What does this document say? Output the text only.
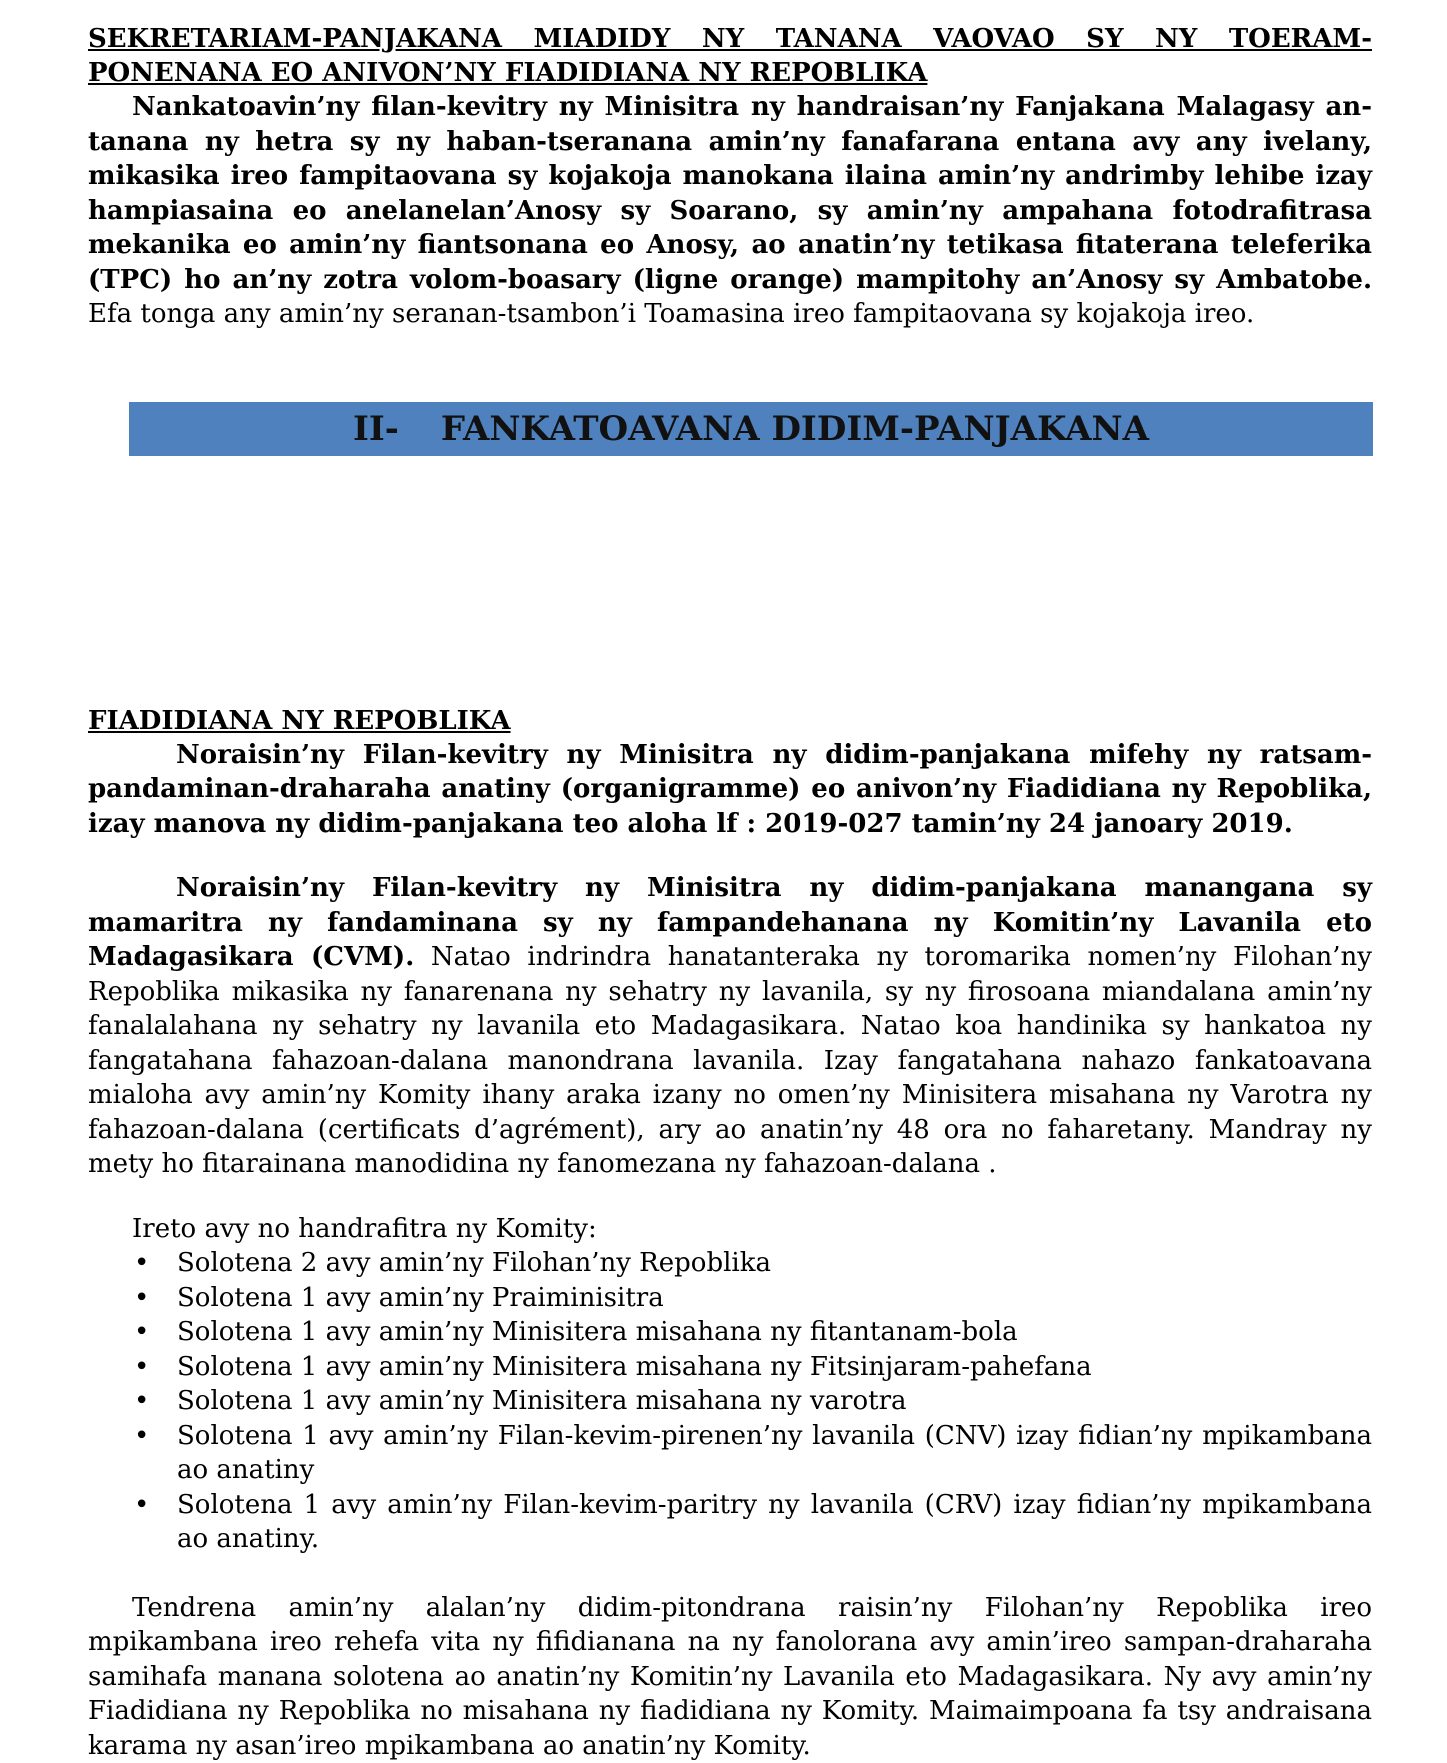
SEKRETARIAM-PANJAKANA MIADIDY NY TANANA VAOVAO SY NY TOERAM-PONENANA EO ANIVON’NY FIADIDIANA NY REPOBLIKA

Nankatoavin’ny filan-kevitry ny Minisitra ny handraisan’ny Fanjakana Malagasy an-tanana ny hetra sy ny haban-tseranana amin’ny fanafarana entana avy any ivelany, mikasika ireo fampitaovana sy kojakoja manokana ilaina amin’ny andrimby lehibe izay hampiasaina eo anelanelan’Anosy sy Soarano, sy amin’ny ampahana fotodrafitrasa mekanika eo amin’ny fiantsonana eo Anosy, ao anatin’ny tetikasa fitaterana teleferika (TPC) ho an’ny zotra volom-boasary (ligne orange) mampitohy an’Anosy sy Ambatobe. Efa tonga any amin’ny seranan-tsambon’i Toamasina ireo fampitaovana sy kojakoja ireo.

FIADIDIANA NY REPOBLIKA

Noraisin’ny Filan-kevitry ny Minisitra ny didim-panjakana mifehy ny ratsam-pandaminan-draharaha anatiny (organigramme) eo anivon’ny Fiadidiana ny Repoblika, izay manova ny didim-panjakana teo aloha lf : 2019-027 tamin’ny 24 janoary 2019.

Noraisin’ny Filan-kevitry ny Minisitra ny didim-panjakana manangana sy mamaritra ny fandaminana sy ny fampandehanana ny Komitin’ny Lavanila eto Madagasikara (CVM). Natao indrindra hanatanteraka ny toromarika nomen’ny Filohan’ny Repoblika mikasika ny fanarenana ny sehatry ny lavanila, sy ny firosoana miandalana amin’ny fanalalahana ny sehatry ny lavanila eto Madagasikara. Natao koa handinika sy hankatoa ny fangatahana fahazoan-dalana manondrana lavanila. Izay fangatahana nahazo fankatoavana mialoha avy amin’ny Komity ihany araka izany no omen’ny Minisitera misahana ny Varotra ny fahazoan-dalana (certificats d’agrément), ary ao anatin’ny 48 ora no faharetany. Mandray ny mety ho fitarainana manodidina ny fanomezana ny fahazoan-dalana .

Ireto avy no handrafitra ny Komity:

• Solotena 2 avy amin’ny Filohan’ny Repoblika
• Solotena 1 avy amin’ny Praiminisitra
• Solotena 1 avy amin’ny Minisitera misahana ny fitantanam-bola
• Solotena 1 avy amin’ny Minisitera misahana ny Fitsinjaram-pahefana
• Solotena 1 avy amin’ny Minisitera misahana ny varotra
• Solotena 1 avy amin’ny Filan-kevim-pirenen’ny lavanila (CNV) izay fidian’ny mpikambana ao anatiny
• Solotena 1 avy amin’ny Filan-kevim-paritry ny lavanila (CRV) izay fidian’ny mpikambana ao anatiny.

Tendrena amin’ny alalan’ny didim-pitondrana raisin’ny Filohan’ny Repoblika ireo mpikambana ireo rehefa vita ny fifidianana na ny fanolorana avy amin’ireo sampan-draharaha samihafa manana solotena ao anatin’ny Komitin’ny Lavanila eto Madagasikara. Ny avy amin’ny Fiadidiana ny Repoblika no misahana ny fiadidiana ny Komity. Maimaimpoana fa tsy andraisana karama ny asan’ireo mpikambana ao anatin’ny Komity.

II- FANKATOAVANA DIDIM-PANJAKANA
